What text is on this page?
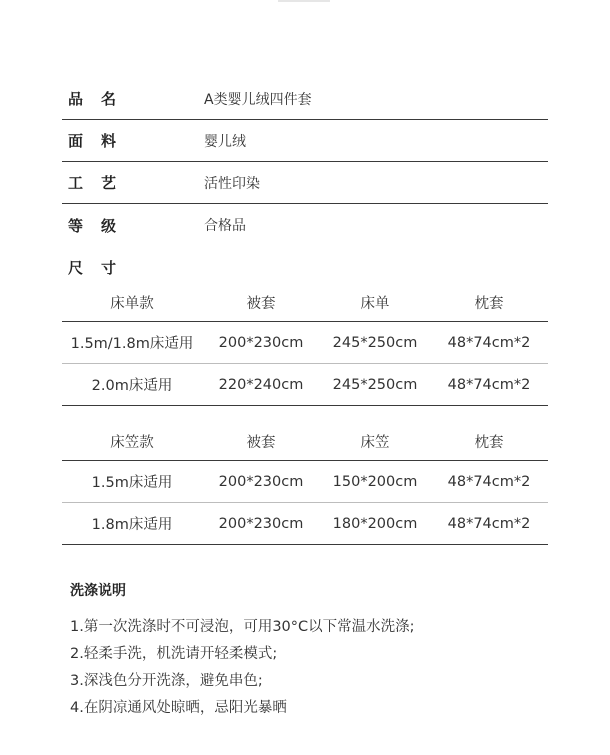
品名	A类婴儿绒四件套
面料	婴儿绒
工艺	活性印染
等级	合格品
尺寸
床单款	被套	床单	枕套
1.5m/1.8m床适用	200*230cm	245*250cm	48*74cm*2
2.0m床适用	220*240cm	245*250cm	48*74cm*2
床笠款	被套	床笠	枕套
1.5m床适用	200*230cm	150*200cm	48*74cm*2
1.8m床适用	200*230cm	180*200cm	48*74cm*2
洗涤说明
1.第一次洗涤时不可浸泡，可用30°C以下常温水洗涤;
2.轻柔手洗，机洗请开轻柔模式;
3.深浅色分开洗涤，避免串色;
4.在阴凉通风处晾晒，忌阳光暴晒
